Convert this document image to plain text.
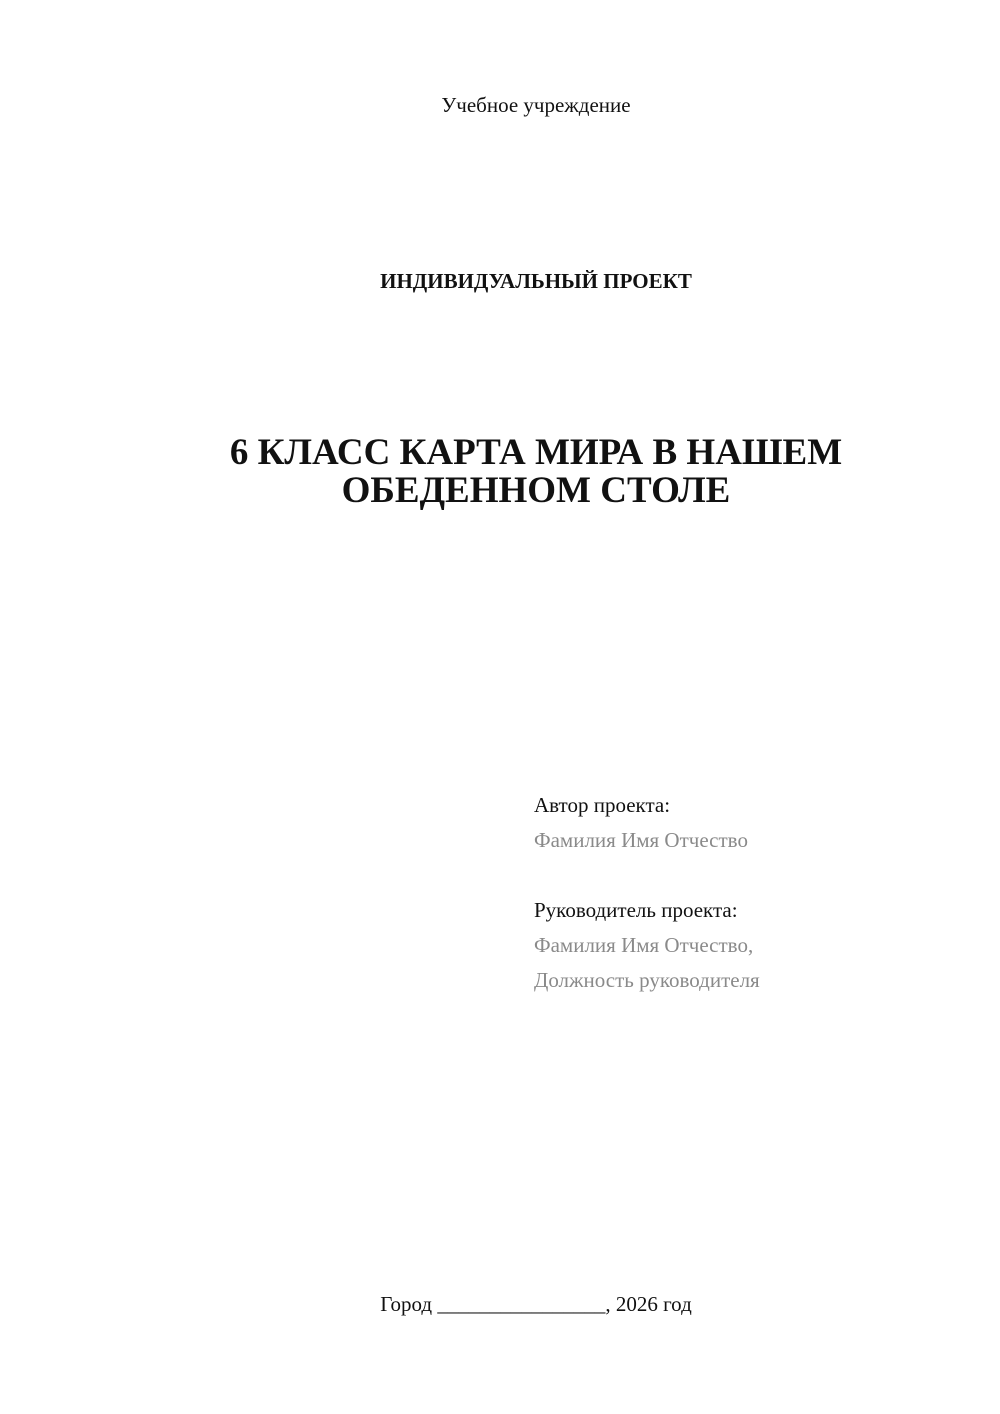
Учебное учреждение
ИНДИВИДУАЛЬНЫЙ ПРОЕКТ
6 КЛАСС КАРТА МИРА В НАШЕМ
ОБЕДЕННОМ СТОЛЕ
Автор проекта:
Фамилия Имя Отчество
Руководитель проекта:
Фамилия Имя Отчество,
Должность руководителя
Город ________________, 2026 год
